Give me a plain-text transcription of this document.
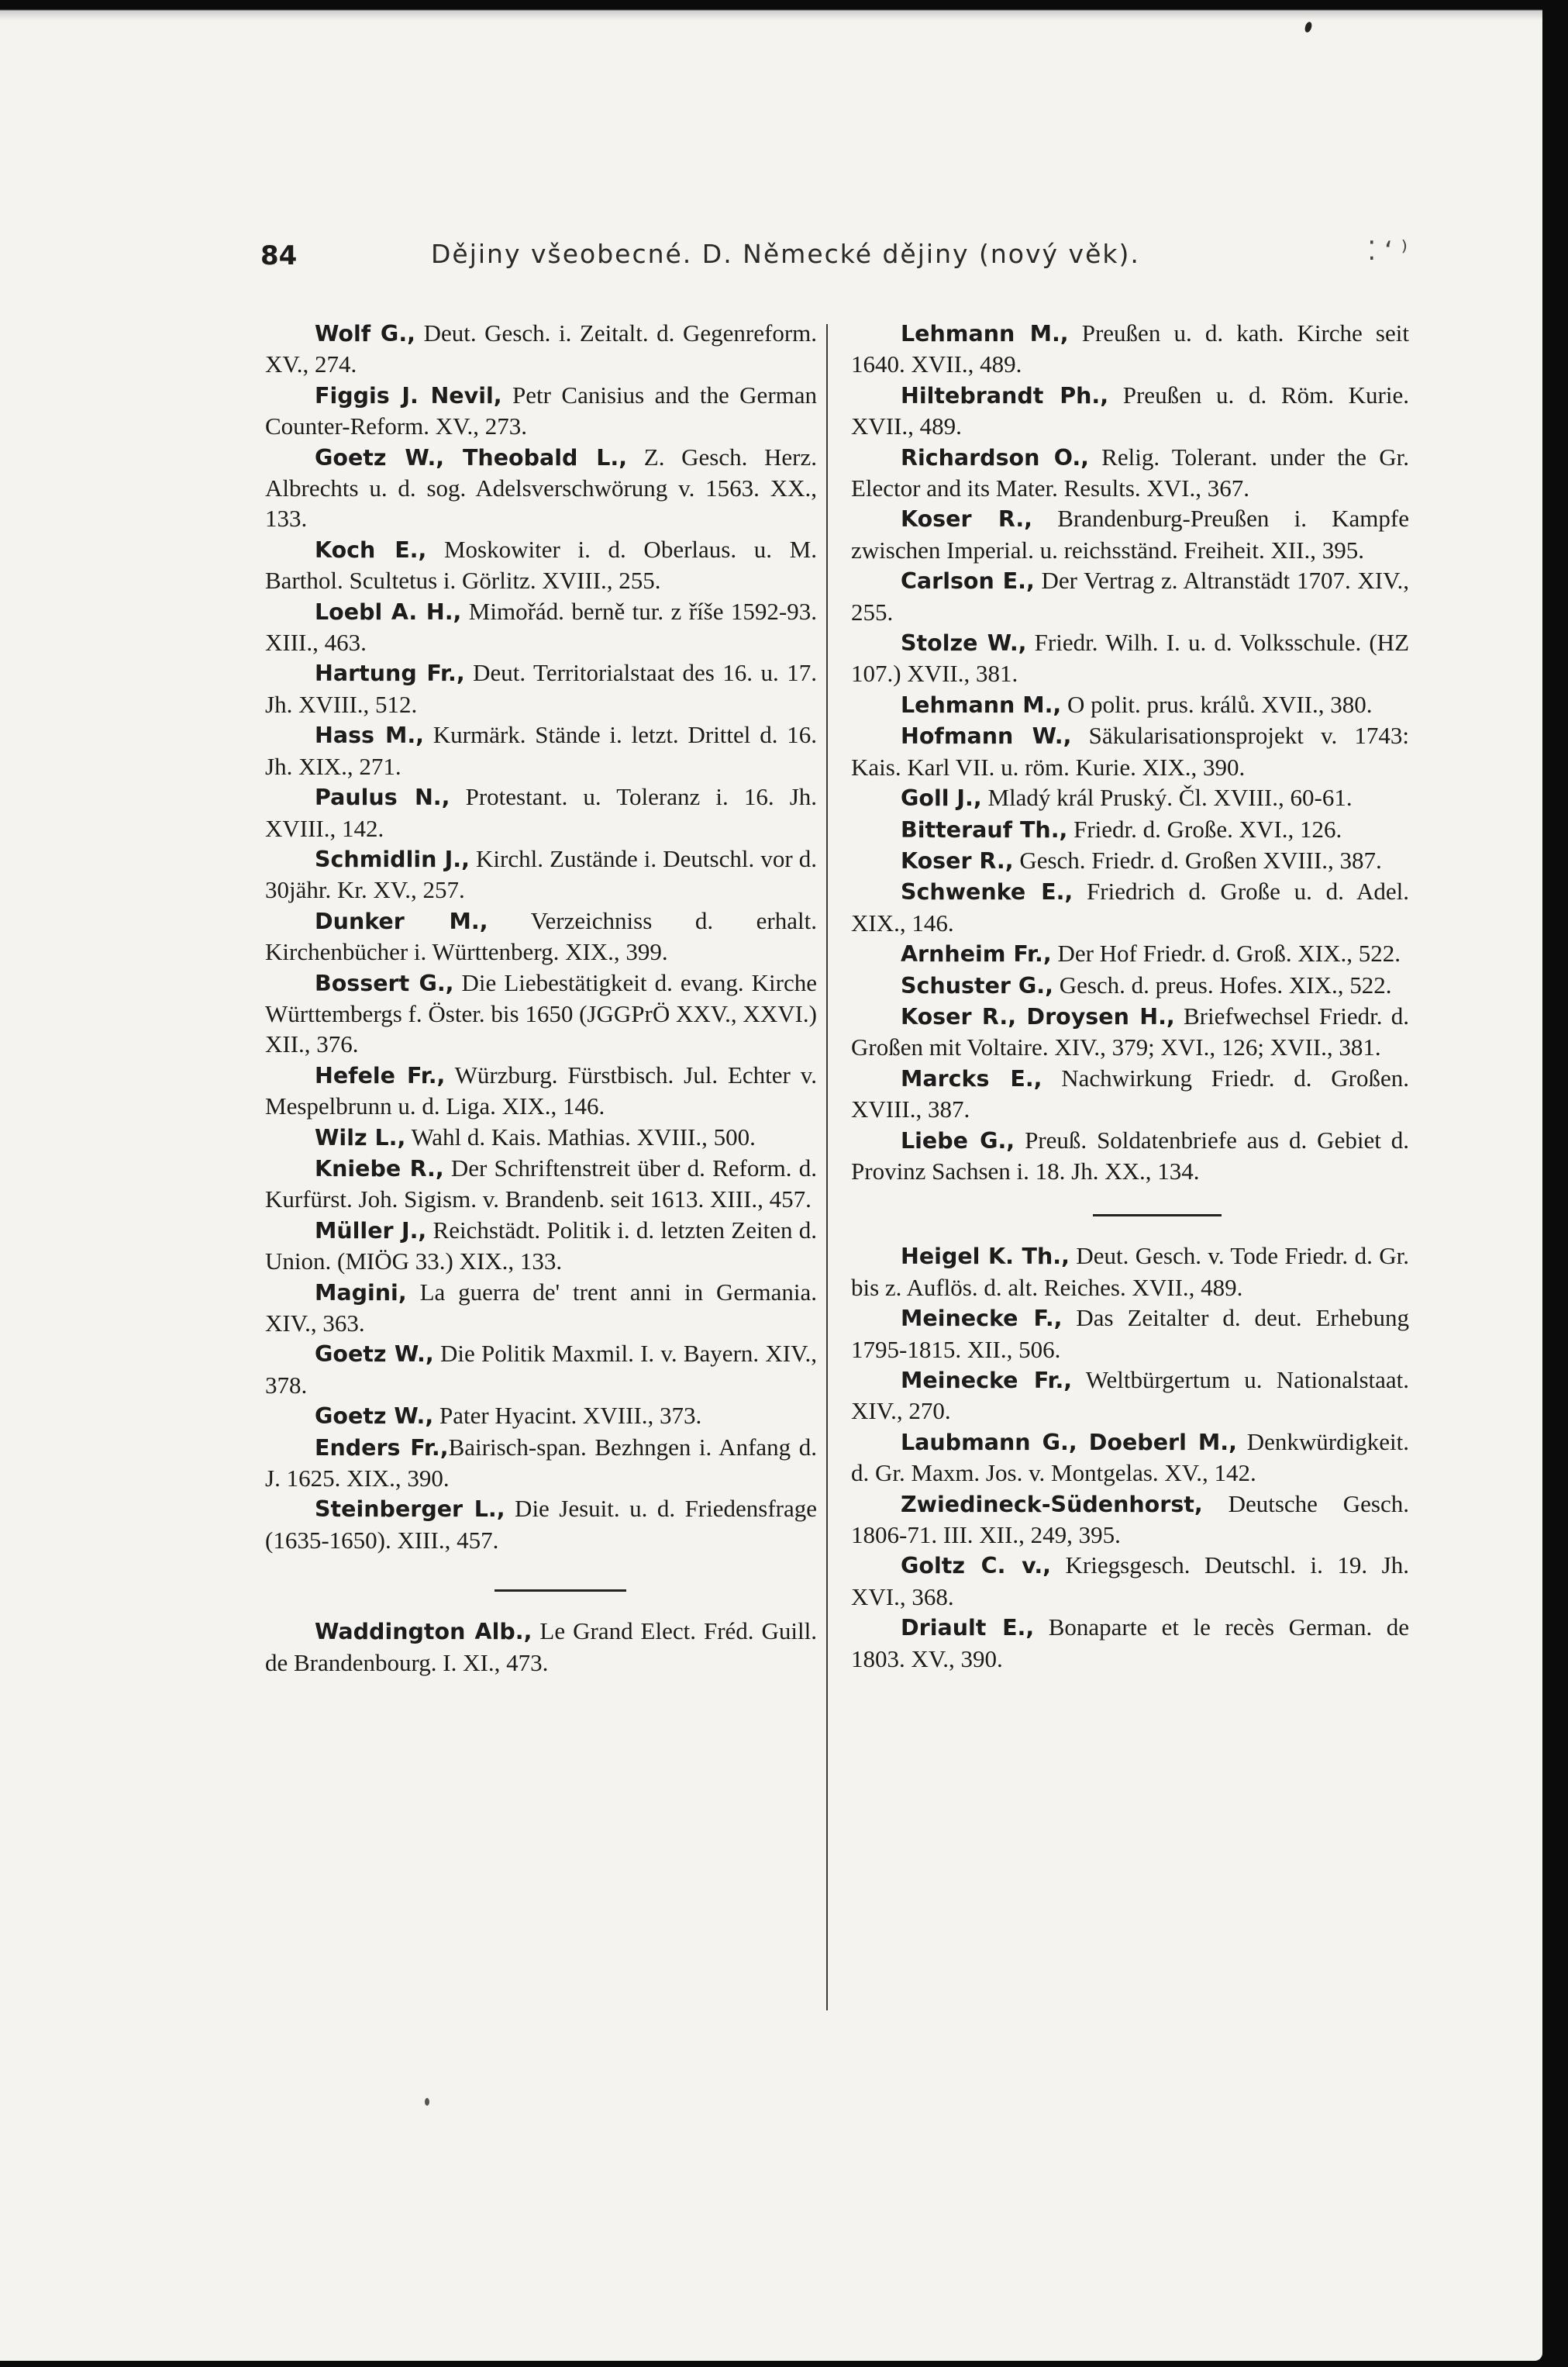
84	Dějiny všeobecné. D. Německé dějiny (nový věk).	⁚ ‘ ⁾

Wolf G., Deut. Gesch. i. Zeitalt. d. Gegenreform. XV., 274.

Figgis J. Nevil, Petr Canisius and the German Counter-Reform. XV., 273.

Goetz W., Theobald L., Z. Gesch. Herz. Albrechts u. d. sog. Adelsverschwörung v. 1563. XX., 133.

Koch E., Moskowiter i. d. Oberlaus. u. M. Barthol. Scultetus i. Görlitz. XVIII., 255.

Loebl A. H., Mimořád. berně tur. z říše 1592-93. XIII., 463.

Hartung Fr., Deut. Territorialstaat des 16. u. 17. Jh. XVIII., 512.

Hass M., Kurmärk. Stände i. letzt. Drittel d. 16. Jh. XIX., 271.

Paulus N., Protestant. u. Toleranz i. 16. Jh. XVIII., 142.

Schmidlin J., Kirchl. Zustände i. Deutschl. vor d. 30jähr. Kr. XV., 257.

Dunker M., Verzeichniss d. erhalt. Kirchenbücher i. Württenberg. XIX., 399.

Bossert G., Die Liebestätigkeit d. evang. Kirche Württembergs f. Öster. bis 1650 (JGGPrÖ XXV., XXVI.) XII., 376.

Hefele Fr., Würzburg. Fürstbisch. Jul. Echter v. Mespelbrunn u. d. Liga. XIX., 146.

Wilz L., Wahl d. Kais. Mathias. XVIII., 500.

Kniebe R., Der Schriftenstreit über d. Reform. d. Kurfürst. Joh. Sigism. v. Brandenb. seit 1613. XIII., 457.

Müller J., Reichstädt. Politik i. d. letzten Zeiten d. Union. (MIÖG 33.) XIX., 133.

Magini, La guerra de' trent anni in Germania. XIV., 363.

Goetz W., Die Politik Maxmil. I. v. Bayern. XIV., 378.

Goetz W., Pater Hyacint. XVIII., 373.

Enders Fr.,Bairisch-span. Bezhngen i. Anfang d. J. 1625. XIX., 390.

Steinberger L., Die Jesuit. u. d. Friedensfrage (1635-1650). XIII., 457.

Waddington Alb., Le Grand Elect. Fréd. Guill. de Brandenbourg. I. XI., 473.

Lehmann M., Preußen u. d. kath. Kirche seit 1640. XVII., 489.

Hiltebrandt Ph., Preußen u. d. Röm. Kurie. XVII., 489.

Richardson O., Relig. Tolerant. under the Gr. Elector and its Mater. Results. XVI., 367.

Koser R., Brandenburg-Preußen i. Kampfe zwischen Imperial. u. reichsständ. Freiheit. XII., 395.

Carlson E., Der Vertrag z. Altranstädt 1707. XIV., 255.

Stolze W., Friedr. Wilh. I. u. d. Volksschule. (HZ 107.) XVII., 381.

Lehmann M., O polit. prus. králů. XVII., 380.

Hofmann W., Säkularisationsprojekt v. 1743: Kais. Karl VII. u. röm. Kurie. XIX., 390.

Goll J., Mladý král Pruský. Čl. XVIII., 60-61.

Bitterauf Th., Friedr. d. Große. XVI., 126.

Koser R., Gesch. Friedr. d. Großen XVIII., 387.

Schwenke E., Friedrich d. Große u. d. Adel. XIX., 146.

Arnheim Fr., Der Hof Friedr. d. Groß. XIX., 522.

Schuster G., Gesch. d. preus. Hofes. XIX., 522.

Koser R., Droysen H., Briefwechsel Friedr. d. Großen mit Voltaire. XIV., 379; XVI., 126; XVII., 381.

Marcks E., Nachwirkung Friedr. d. Großen. XVIII., 387.

Liebe G., Preuß. Soldatenbriefe aus d. Gebiet d. Provinz Sachsen i. 18. Jh. XX., 134.

Heigel K. Th., Deut. Gesch. v. Tode Friedr. d. Gr. bis z. Auflös. d. alt. Reiches. XVII., 489.

Meinecke F., Das Zeitalter d. deut. Erhebung 1795-1815. XII., 506.

Meinecke Fr., Weltbürgertum u. Nationalstaat. XIV., 270.

Laubmann G., Doeberl M., Denkwürdigkeit. d. Gr. Maxm. Jos. v. Montgelas. XV., 142.

Zwiedineck-Südenhorst, Deutsche Gesch. 1806-71. III. XII., 249, 395.

Goltz C. v., Kriegsgesch. Deutschl. i. 19. Jh. XVI., 368.

Driault E., Bonaparte et le recès German. de 1803. XV., 390.
